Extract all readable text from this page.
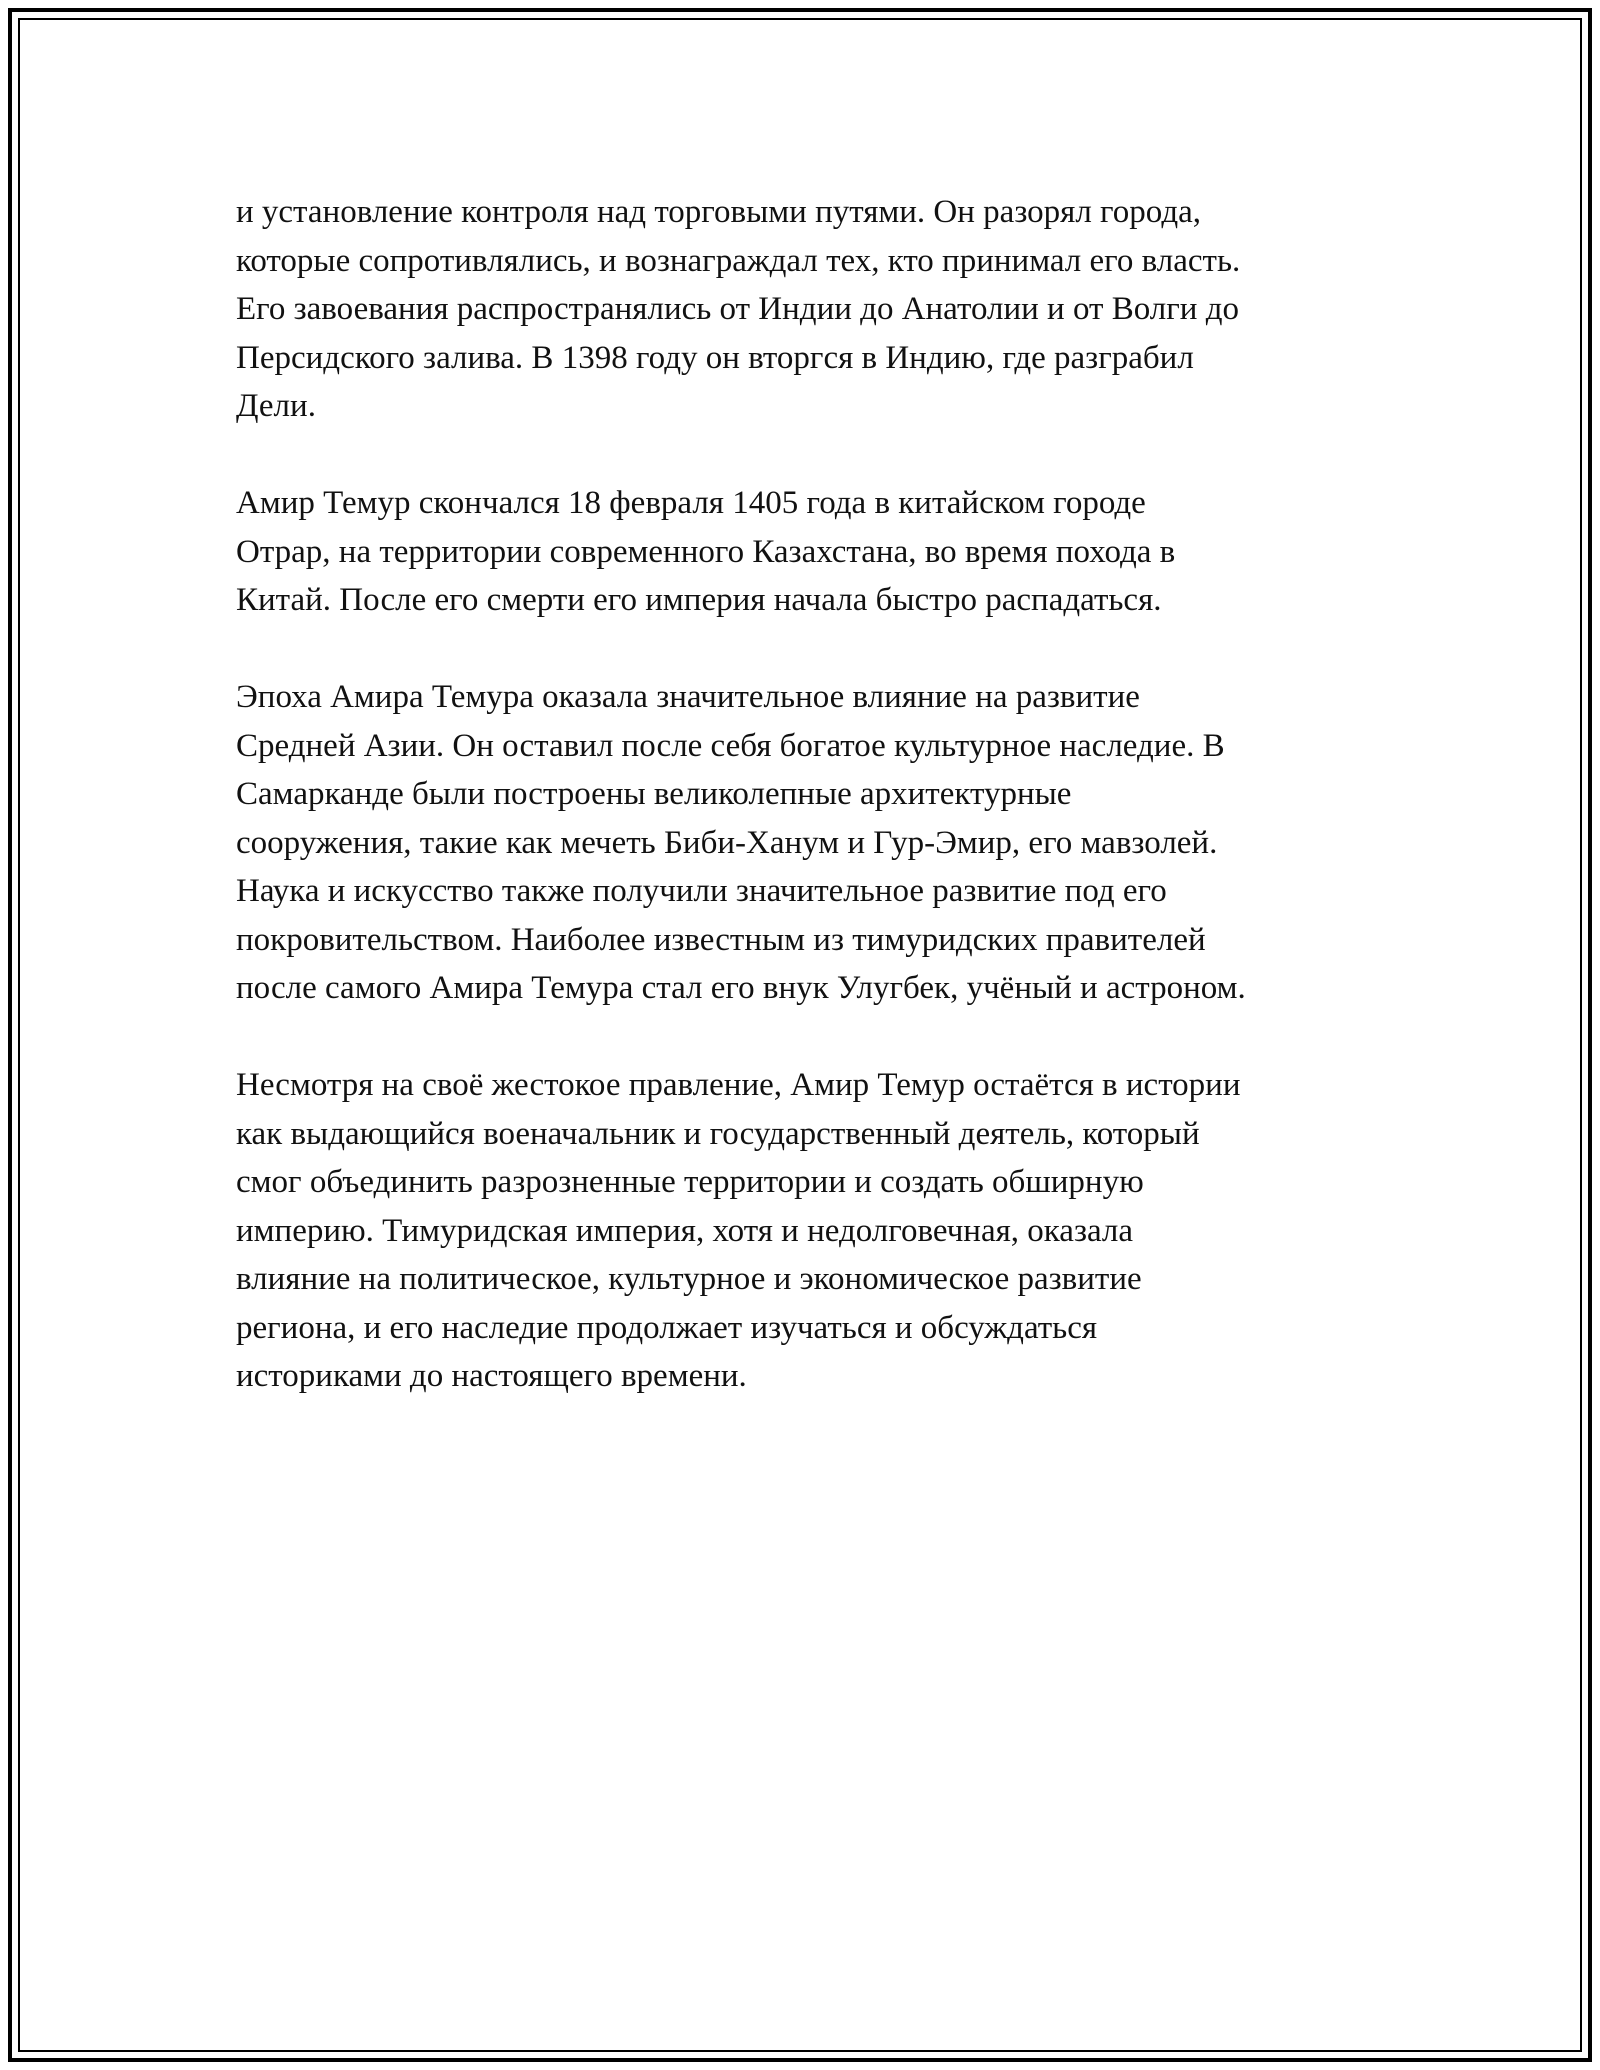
и установление контроля над торговыми путями. Он разорял города,
которые сопротивлялись, и вознаграждал тех, кто принимал его власть.
Его завоевания распространялись от Индии до Анатолии и от Волги до
Персидского залива. В 1398 году он вторгся в Индию, где разграбил
Дели.

Амир Темур скончался 18 февраля 1405 года в китайском городе
Отрар, на территории современного Казахстана, во время похода в
Китай. После его смерти его империя начала быстро распадаться.

Эпоха Амира Темура оказала значительное влияние на развитие
Средней Азии. Он оставил после себя богатое культурное наследие. В
Самарканде были построены великолепные архитектурные
сооружения, такие как мечеть Биби-Ханум и Гур-Эмир, его мавзолей.
Наука и искусство также получили значительное развитие под его
покровительством. Наиболее известным из тимуридских правителей
после самого Амира Темура стал его внук Улугбек, учёный и астроном.

Несмотря на своё жестокое правление, Амир Темур остаётся в истории
как выдающийся военачальник и государственный деятель, который
смог объединить разрозненные территории и создать обширную
империю. Тимуридская империя, хотя и недолговечная, оказала
влияние на политическое, культурное и экономическое развитие
региона, и его наследие продолжает изучаться и обсуждаться
историками до настоящего времени.
